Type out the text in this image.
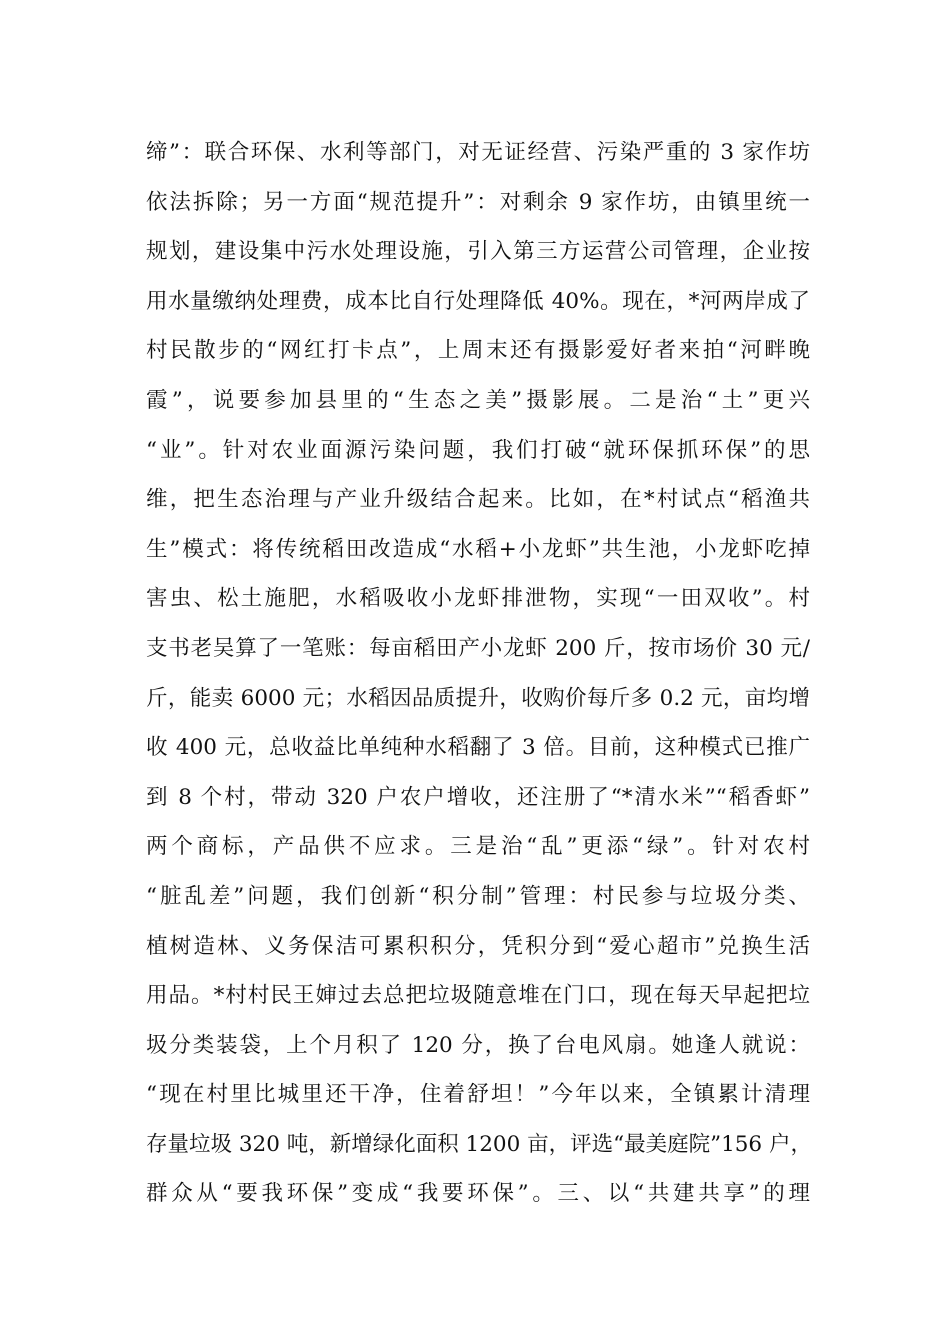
缔”：联合环保、水利等部门，对无证经营、污染严重的 3 家作坊
依法拆除；另一方面“规范提升”：对剩余 9 家作坊，由镇里统一
规划，建设集中污水处理设施，引入第三方运营公司管理，企业按
用水量缴纳处理费，成本比自行处理降低 40%。现在，*河两岸成了
村民散步的“网红打卡点”，上周末还有摄影爱好者来拍“河畔晚
霞”，说要参加县里的“生态之美”摄影展。二是治“土”更兴
“业”。针对农业面源污染问题，我们打破“就环保抓环保”的思
维，把生态治理与产业升级结合起来。比如，在*村试点“稻渔共
生”模式：将传统稻田改造成“水稻+小龙虾”共生池，小龙虾吃掉
害虫、松土施肥，水稻吸收小龙虾排泄物，实现“一田双收”。村
支书老吴算了一笔账：每亩稻田产小龙虾 200 斤，按市场价 30 元/
斤，能卖 6000 元；水稻因品质提升，收购价每斤多 0.2 元，亩均增
收 400 元，总收益比单纯种水稻翻了 3 倍。目前，这种模式已推广
到 8 个村，带动 320 户农户增收，还注册了“*清水米”“稻香虾”
两个商标，产品供不应求。三是治“乱”更添“绿”。针对农村
“脏乱差”问题，我们创新“积分制”管理：村民参与垃圾分类、
植树造林、义务保洁可累积积分，凭积分到“爱心超市”兑换生活
用品。*村村民王婶过去总把垃圾随意堆在门口，现在每天早起把垃
圾分类装袋，上个月积了 120 分，换了台电风扇。她逢人就说：
“现在村里比城里还干净，住着舒坦！”今年以来，全镇累计清理
存量垃圾 320 吨，新增绿化面积 1200 亩，评选“最美庭院”156 户，
群众从“要我环保”变成“我要环保”。三、以“共建共享”的理
